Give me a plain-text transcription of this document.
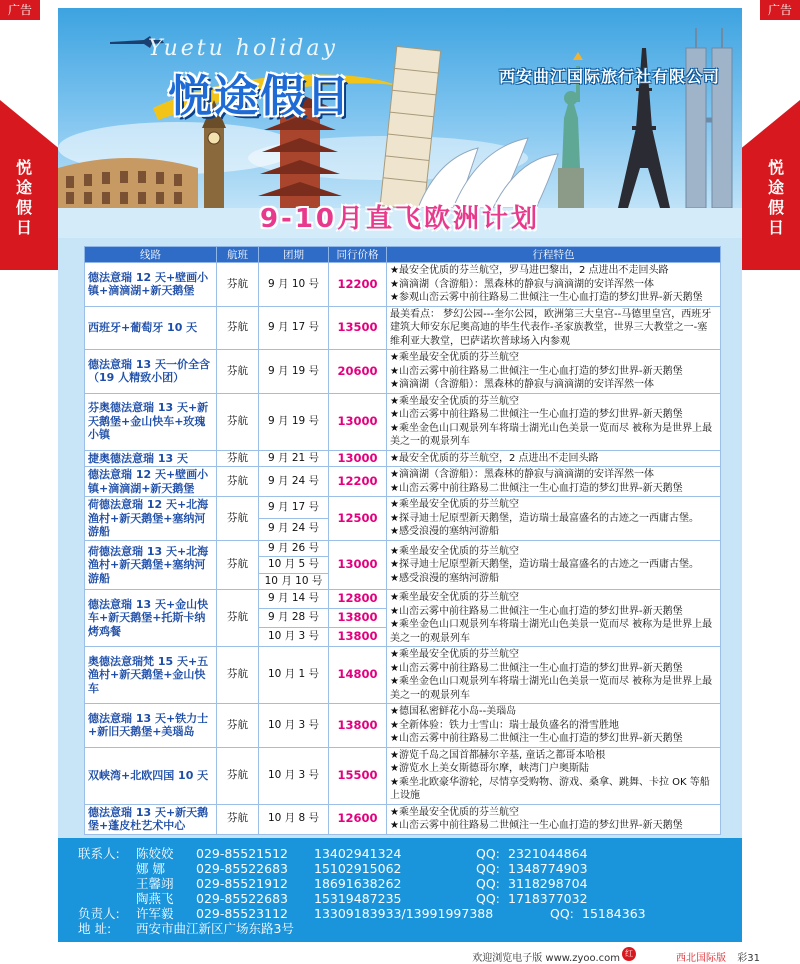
广告	广告
悦
途
假
日
悦
途
假
日
Yuetu holiday
悦途假日	西安曲江国际旅行社有限公司
9-10月直飞欧洲计划
线路	航班	团期	同行价格	行程特色
德法意瑞 12 天+壁画小镇+滴滴湖+新天鹅堡	芬航	9 月 10 号	12200	★最安全优质的芬兰航空，罗马进巴黎出，2 点进出不走回头路
★滴滴湖（含游船）：黑森林的静寂与滴滴湖的安详浑然一体
★参观山峦云雾中前往路易二世倾注一生心血打造的梦幻世界-新天鹅堡

西班牙+葡萄牙 10 天	芬航	9 月 17 号	13500	最美看点： 梦幻公园---奎尔公园，欧洲第三大皇宫--马德里皇宫，西班牙建筑大师安东尼奥高迪的毕生代表作-圣家族教堂，世界三大教堂之一-塞维利亚大教堂，巴萨诺坎普球场入内参观

德法意瑞 13 天一价全含（19 人精致小团）	芬航	9 月 19 号	20600	★乘坐最安全优质的芬兰航空
★山峦云雾中前往路易二世倾注一生心血打造的梦幻世界-新天鹅堡
★滴滴湖（含游船）：黑森林的静寂与滴滴湖的安详浑然一体

芬奥德法意瑞 13 天+新天鹅堡+金山快车+玫瑰小镇	芬航	9 月 19 号	13000	★乘坐最安全优质的芬兰航空
★山峦云雾中前往路易二世倾注一生心血打造的梦幻世界-新天鹅堡
★乘坐金色山口观景列车将瑞士湖光山色美景一览而尽 被称为是世界上最美之一的观景列车

捷奥德法意瑞 13 天	芬航	9 月 21 号	13000	★最安全优质的芬兰航空，2 点进出不走回头路

德法意瑞 12 天+壁画小镇+滴滴湖+新天鹅堡	芬航	9 月 24 号	12200	★滴滴湖（含游船）：黑森林的静寂与滴滴湖的安详浑然一体
★山峦云雾中前往路易二世倾注一生心血打造的梦幻世界-新天鹅堡

荷德法意瑞 12 天+北海渔村+新天鹅堡+塞纳河游船	芬航	9 月 17 号	12500	★乘坐最安全优质的芬兰航空
★探寻迪士尼原型新天鹅堡，造访瑞士最富盛名的古迹之一西庸古堡。
★感受浪漫的塞纳河游船

		9 月 24 号		
荷德法意瑞 13 天+北海渔村+新天鹅堡+塞纳河游船	芬航	9 月 26 号	13000	★乘坐最安全优质的芬兰航空
★探寻迪士尼原型新天鹅堡，造访瑞士最富盛名的古迹之一西庸古堡。
★感受浪漫的塞纳河游船

		10 月 5 号		
		10 月 10 号		
德法意瑞 13 天+金山快车+新天鹅堡+托斯卡纳烤鸡餐	芬航	9 月 14 号	12800	★乘坐最安全优质的芬兰航空
★山峦云雾中前往路易二世倾注一生心血打造的梦幻世界-新天鹅堡
★乘坐金色山口观景列车将瑞士湖光山色美景一览而尽 被称为是世界上最美之一的观景列车

		9 月 28 号	13800	
		10 月 3 号	13800	
奥德法意瑞梵 15 天+五渔村+新天鹅堡+金山快车	芬航	10 月 1 号	14800	★乘坐最安全优质的芬兰航空
★山峦云雾中前往路易二世倾注一生心血打造的梦幻世界-新天鹅堡
★乘坐金色山口观景列车将瑞士湖光山色美景一览而尽 被称为是世界上最美之一的观景列车

德法意瑞 13 天+铁力士+新旧天鹅堡+美瑙岛	芬航	10 月 3 号	13800	★德国私密鲜花小岛--美瑙岛
★全新体验：铁力士雪山：瑞士最负盛名的滑雪胜地
★山峦云雾中前往路易二世倾注一生心血打造的梦幻世界-新天鹅堡

双峡湾+北欧四国 10 天	芬航	10 月 3 号	15500	★游览千岛之国首都赫尔辛基, 童话之都哥本哈根
★游览水上美女斯德哥尔摩，峡湾门户奥斯陆
★乘坐北欧豪华游轮，尽情享受购物、游戏、桑拿、跳舞、卡拉 OK 等船上设施

德法意瑞 13 天+新天鹅堡+蓬皮杜艺术中心	芬航	10 月 8 号	12600	★乘坐最安全优质的芬兰航空
★山峦云雾中前往路易二世倾注一生心血打造的梦幻世界-新天鹅堡
联系人: 陈姣姣 029-85521512 13402941324	QQ: 2321044864
娜 娜 029-85522683 15102915062	QQ: 1348774903
王馨翊 029-85521912 18691638262	QQ: 3118298704
陶燕飞 029-85522683 15319487235	QQ: 1718377032
负责人: 许军毅 029-85523112 13309183933/13991997388	QQ: 15184363
地 址: 西安市曲江新区广场东路3号
欢迎浏览电子版 www.zyoo.com 红	西北国际版 彩31
